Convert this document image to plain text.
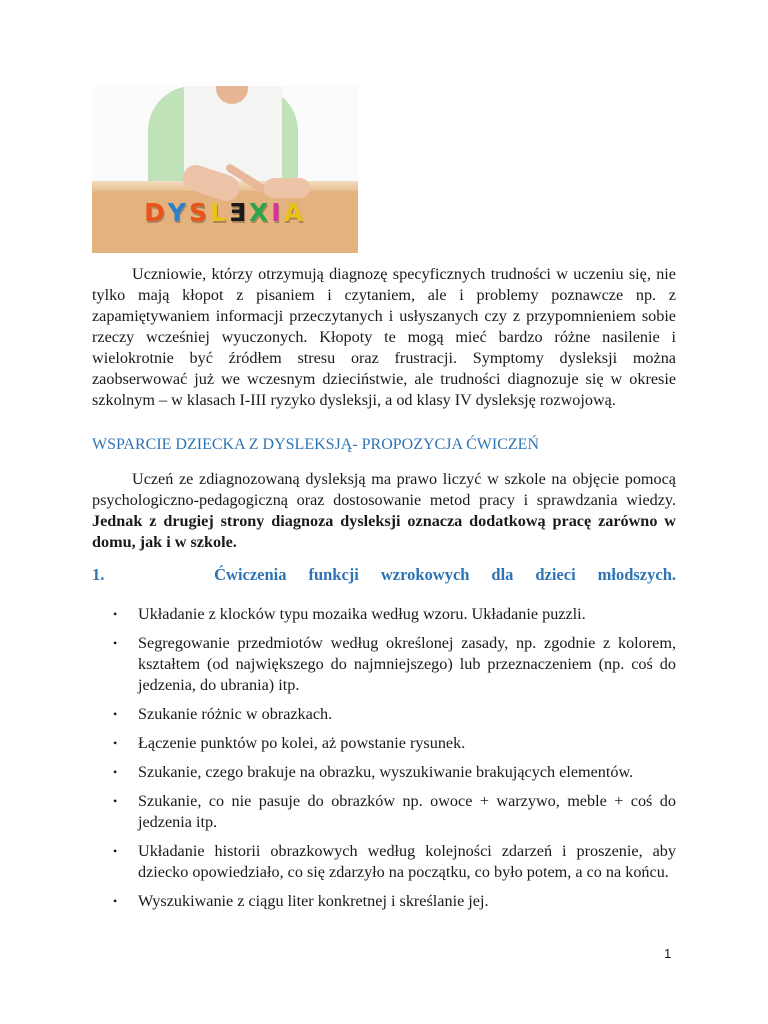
DYSLƎXIA

Uczniowie, którzy otrzymują diagnozę specyficznych trudności w uczeniu się, nie tylko mają kłopot z pisaniem i czytaniem, ale i problemy poznawcze np. z zapamiętywaniem informacji przeczytanych i usłyszanych czy z przypomnieniem sobie rzeczy wcześniej wyuczonych. Kłopoty te mogą mieć bardzo różne nasilenie i wielokrotnie być źródłem stresu oraz frustracji. Symptomy dysleksji można zaobserwować już we wczesnym dzieciństwie, ale trudności diagnozuje się w okresie szkolnym – w klasach I-III ryzyko dysleksji, a od klasy IV dysleksję rozwojową.

WSPARCIE DZIECKA Z DYSLEKSJĄ- PROPOZYCJA ĆWICZEŃ

Uczeń ze zdiagnozowaną dysleksją ma prawo liczyć w szkole na objęcie pomocą psychologiczno-pedagogiczną oraz dostosowanie metod pracy i sprawdzania wiedzy. Jednak z drugiej strony diagnoza dysleksji oznacza dodatkową pracę zarówno w domu, jak i w szkole.

1.     Ćwiczenia funkcji wzrokowych dla dzieci młodszych.

• Układanie z klocków typu mozaika według wzoru. Układanie puzzli.
• Segregowanie przedmiotów według określonej zasady, np. zgodnie z kolorem, kształtem (od największego do najmniejszego) lub przeznaczeniem (np. coś do jedzenia, do ubrania) itp.
• Szukanie różnic w obrazkach.
• Łączenie punktów po kolei, aż powstanie rysunek.
• Szukanie, czego brakuje na obrazku, wyszukiwanie brakujących elementów.
• Szukanie, co nie pasuje do obrazków np. owoce + warzywo, meble + coś do jedzenia itp.
• Układanie historii obrazkowych według kolejności zdarzeń i proszenie, aby dziecko opowiedziało, co się zdarzyło na początku, co było potem, a co na końcu.
• Wyszukiwanie z ciągu liter konkretnej i skreślanie jej.
1
